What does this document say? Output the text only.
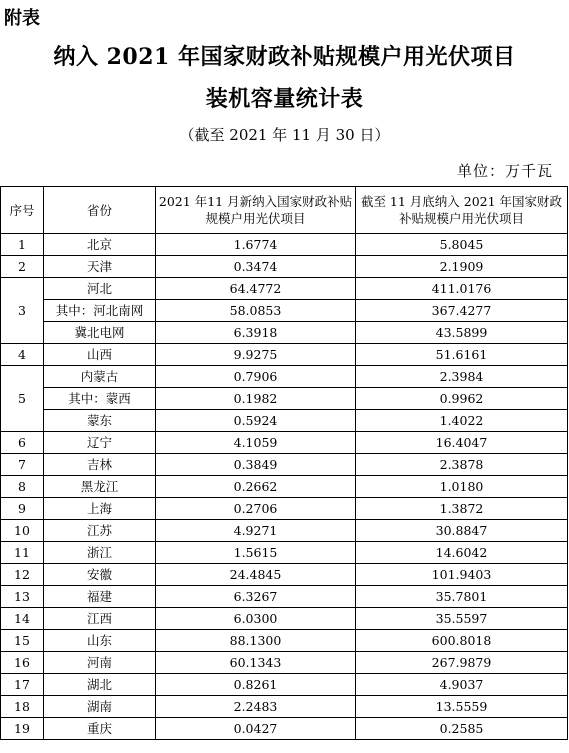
附表
纳入 2021 年国家财政补贴规模户用光伏项目
装机容量统计表
（截至 2021 年 11 月 30 日）
单位：万千瓦
序号	省份	2021 年11 月新纳入国家财政补贴规模户用光伏项目	截至 11 月底纳入 2021 年国家财政补贴规模户用光伏项目
1	北京	1.6774	5.8045
2	天津	0.3474	2.1909
3	河北	64.4772	411.0176
	其中：河北南网	58.0853	367.4277
	冀北电网	6.3918	43.5899
4	山西	9.9275	51.6161
5	内蒙古	0.7906	2.3984
	其中：蒙西	0.1982	0.9962
	蒙东	0.5924	1.4022
6	辽宁	4.1059	16.4047
7	吉林	0.3849	2.3878
8	黑龙江	0.2662	1.0180
9	上海	0.2706	1.3872
10	江苏	4.9271	30.8847
11	浙江	1.5615	14.6042
12	安徽	24.4845	101.9403
13	福建	6.3267	35.7801
14	江西	6.0300	35.5597
15	山东	88.1300	600.8018
16	河南	60.1343	267.9879
17	湖北	0.8261	4.9037
18	湖南	2.2483	13.5559
19	重庆	0.0427	0.2585
